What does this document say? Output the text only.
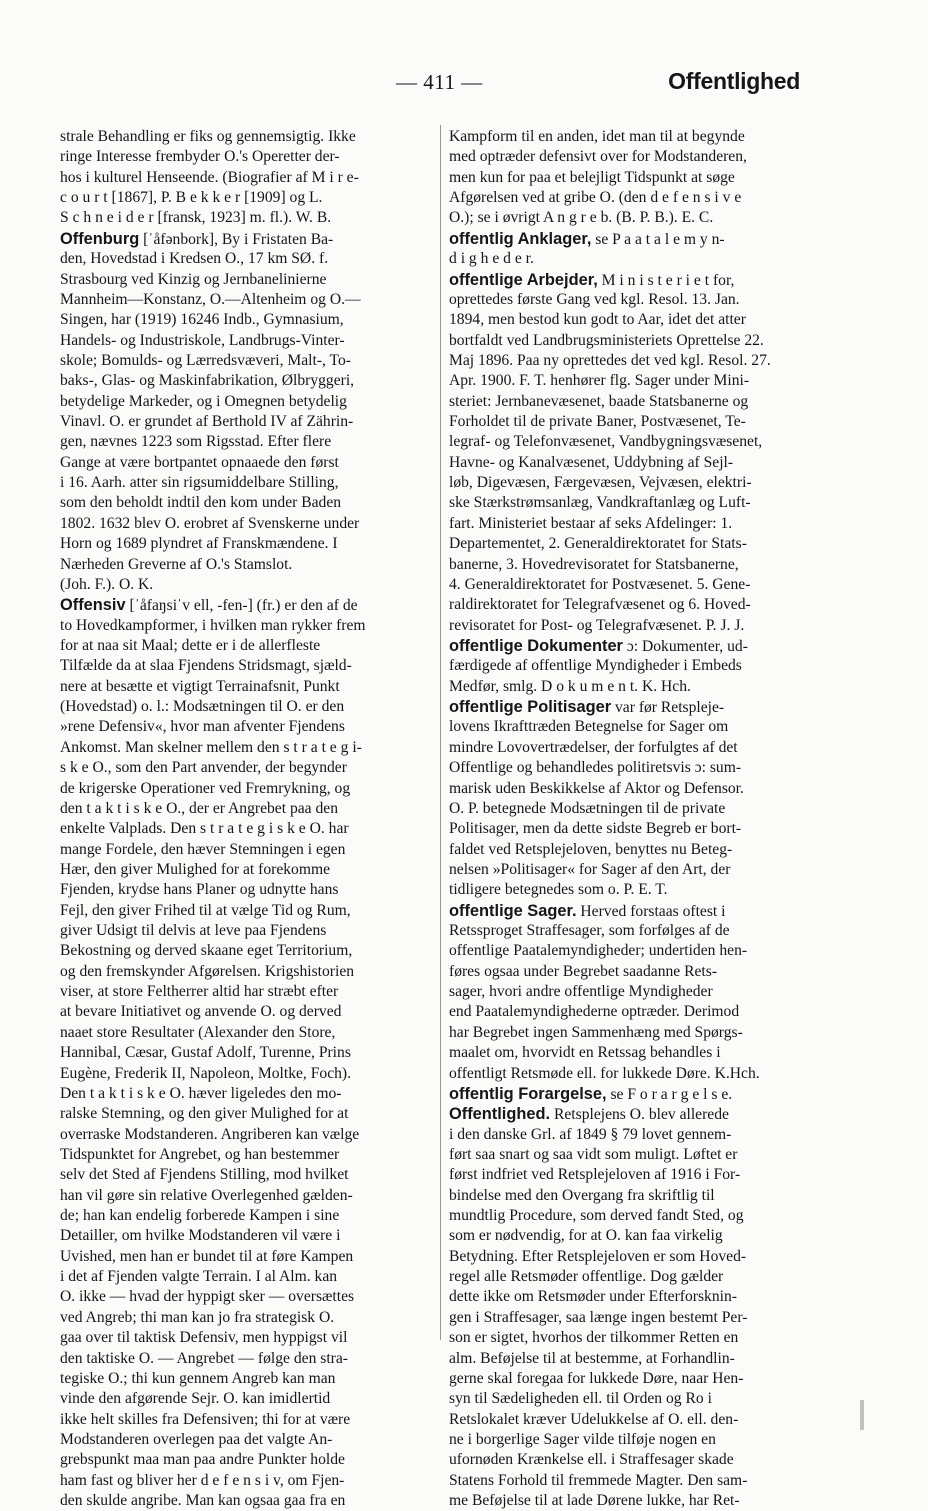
— 411 —	Offentlighed
strale Behandling er fiks og gennemsigtig. Ikke
ringe Interesse frembyder O.'s Operetter der-
hos i kulturel Henseende. (Biografier af M i r e-
c o u r t [1867], P. B e k k e r [1909] og L.
S c h n e i d e r [fransk, 1923] m. fl.). W. B.
Offenburg [ˈåfənbork], By i Fristaten Ba-
den, Hovedstad i Kredsen O., 17 km SØ. f.
Strasbourg ved Kinzig og Jernbanelinierne
Mannheim—Konstanz, O.—Altenheim og O.—
Singen, har (1919) 16246 Indb., Gymnasium,
Handels- og Industriskole, Landbrugs-Vinter-
skole; Bomulds- og Lærredsvæveri, Malt-, To-
baks-, Glas- og Maskinfabrikation, Ølbryggeri,
betydelige Markeder, og i Omegnen betydelig
Vinavl. O. er grundet af Berthold IV af Zährin-
gen, nævnes 1223 som Rigsstad. Efter flere
Gange at være bortpantet opnaaede den først
i 16. Aarh. atter sin rigsumiddelbare Stilling,
som den beholdt indtil den kom under Baden
1802. 1632 blev O. erobret af Svenskerne under
Horn og 1689 plyndret af Franskmændene. I
Nærheden Greverne af O.'s Stamslot.
(Joh. F.). O. K.
Offensiv [ˈåfaŋsiˈv ell, -fen-] (fr.) er den af de
to Hovedkampformer, i hvilken man rykker frem
for at naa sit Maal; dette er i de allerfleste
Tilfælde da at slaa Fjendens Stridsmagt, sjæld-
nere at besætte et vigtigt Terrainafsnit, Punkt
(Hovedstad) o. l.: Modsætningen til O. er den
»rene Defensiv«, hvor man afventer Fjendens
Ankomst. Man skelner mellem den s t r a t e g i-
s k e O., som den Part anvender, der begynder
de krigerske Operationer ved Fremrykning, og
den t a k t i s k e O., der er Angrebet paa den
enkelte Valplads. Den s t r a t e g i s k e O. har
mange Fordele, den hæver Stemningen i egen
Hær, den giver Mulighed for at forekomme
Fjenden, krydse hans Planer og udnytte hans
Fejl, den giver Frihed til at vælge Tid og Rum,
giver Udsigt til delvis at leve paa Fjendens
Bekostning og derved skaane eget Territorium,
og den fremskynder Afgørelsen. Krigshistorien
viser, at store Feltherrer altid har stræbt efter
at bevare Initiativet og anvende O. og derved
naaet store Resultater (Alexander den Store,
Hannibal, Cæsar, Gustaf Adolf, Turenne, Prins
Eugène, Frederik II, Napoleon, Moltke, Foch).
Den t a k t i s k e O. hæver ligeledes den mo-
ralske Stemning, og den giver Mulighed for at
overraske Modstanderen. Angriberen kan vælge
Tidspunktet for Angrebet, og han bestemmer
selv det Sted af Fjendens Stilling, mod hvilket
han vil gøre sin relative Overlegenhed gælden-
de; han kan endelig forberede Kampen i sine
Detailler, om hvilke Modstanderen vil være i
Uvished, men han er bundet til at føre Kampen
i det af Fjenden valgte Terrain. I al Alm. kan
O. ikke — hvad der hyppigt sker — oversættes
ved Angreb; thi man kan jo fra strategisk O.
gaa over til taktisk Defensiv, men hyppigst vil
den taktiske O. — Angrebet — følge den stra-
tegiske O.; thi kun gennem Angreb kan man
vinde den afgørende Sejr. O. kan imidlertid
ikke helt skilles fra Defensiven; thi for at være
Modstanderen overlegen paa det valgte An-
grebspunkt maa man paa andre Punkter holde
ham fast og bliver her d e f e n s i v, om Fjen-
den skulde angribe. Man kan ogsaa gaa fra en
Kampform til en anden, idet man til at begynde
med optræder defensivt over for Modstanderen,
men kun for paa et belejligt Tidspunkt at søge
Afgørelsen ved at gribe O. (den d e f e n s i v e
O.); se i øvrigt A n g r e b. (B. P. B.). E. C.
offentlig Anklager, se P a a t a l e m y n-
d i g h e d e r.
offentlige Arbejder, M i n i s t e r i e t for,
oprettedes første Gang ved kgl. Resol. 13. Jan.
1894, men bestod kun godt to Aar, idet det atter
bortfaldt ved Landbrugsministeriets Oprettelse 22.
Maj 1896. Paa ny oprettedes det ved kgl. Resol. 27.
Apr. 1900. F. T. henhører flg. Sager under Mini-
steriet: Jernbanevæsenet, baade Statsbanerne og
Forholdet til de private Baner, Postvæsenet, Te-
legraf- og Telefonvæsenet, Vandbygningsvæsenet,
Havne- og Kanalvæsenet, Uddybning af Sejl-
løb, Digevæsen, Færgevæsen, Vejvæsen, elektri-
ske Stærkstrømsanlæg, Vandkraftanlæg og Luft-
fart. Ministeriet bestaar af seks Afdelinger: 1.
Departementet, 2. Generaldirektoratet for Stats-
banerne, 3. Hovedrevisoratet for Statsbanerne,
4. Generaldirektoratet for Postvæsenet. 5. Gene-
raldirektoratet for Telegrafvæsenet og 6. Hoved-
revisoratet for Post- og Telegrafvæsenet. P. J. J.
offentlige Dokumenter ɔ: Dokumenter, ud-
færdigede af offentlige Myndigheder i Embeds
Medfør, smlg. D o k u m e n t. K. Hch.
offentlige Politisager var før Retspleje-
lovens Ikrafttræden Betegnelse for Sager om
mindre Lovovertrædelser, der forfulgtes af det
Offentlige og behandledes politiretsvis ɔ: sum-
marisk uden Beskikkelse af Aktor og Defensor.
O. P. betegnede Modsætningen til de private
Politisager, men da dette sidste Begreb er bort-
faldet ved Retsplejeloven, benyttes nu Beteg-
nelsen »Politisager« for Sager af den Art, der
tidligere betegnedes som o. P. E. T.
offentlige Sager. Herved forstaas oftest i
Retssproget Straffesager, som forfølges af de
offentlige Paatalemyndigheder; undertiden hen-
føres ogsaa under Begrebet saadanne Rets-
sager, hvori andre offentlige Myndigheder
end Paatalemyndighederne optræder. Derimod
har Begrebet ingen Sammenhæng med Spørgs-
maalet om, hvorvidt en Retssag behandles i
offentligt Retsmøde ell. for lukkede Døre. K.Hch.
offentlig Forargelse, se F o r a r g e l s e.
Offentlighed. Retsplejens O. blev allerede
i den danske Grl. af 1849 § 79 lovet gennem-
ført saa snart og saa vidt som muligt. Løftet er
først indfriet ved Retsplejeloven af 1916 i For-
bindelse med den Overgang fra skriftlig til
mundtlig Procedure, som derved fandt Sted, og
som er nødvendig, for at O. kan faa virkelig
Betydning. Efter Retsplejeloven er som Hoved-
regel alle Retsmøder offentlige. Dog gælder
dette ikke om Retsmøder under Efterforsknin-
gen i Straffesager, saa længe ingen bestemt Per-
son er sigtet, hvorhos der tilkommer Retten en
alm. Beføjelse til at bestemme, at Forhandlin-
gerne skal foregaa for lukkede Døre, naar Hen-
syn til Sædeligheden ell. til Orden og Ro i
Retslokalet kræver Udelukkelse af O. ell. den-
ne i borgerlige Sager vilde tilføje nogen en
ufornøden Krænkelse ell. i Straffesager skade
Statens Forhold til fremmede Magter. Den sam-
me Beføjelse til at lade Dørene lukke, har Ret-
